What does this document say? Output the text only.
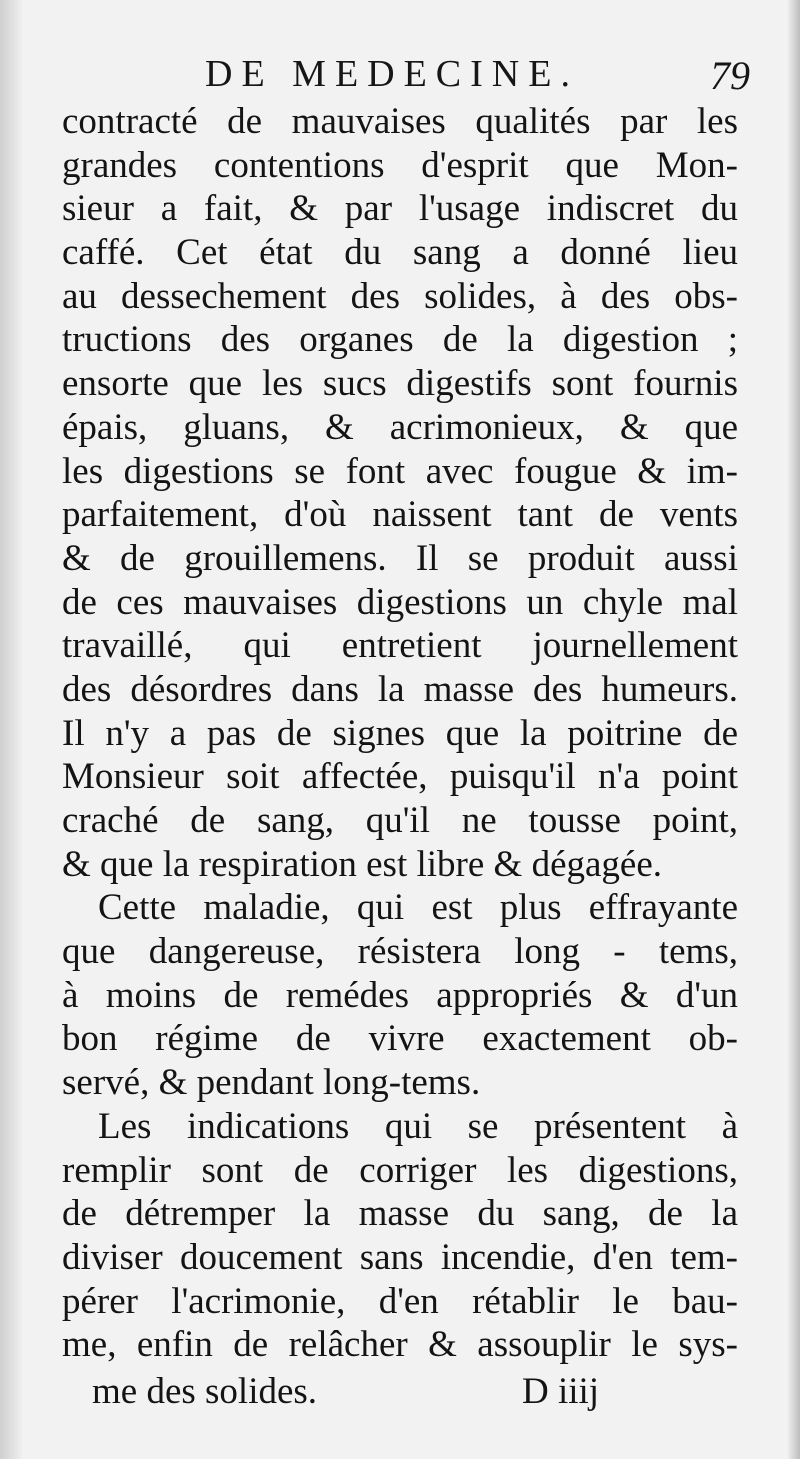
DE MEDECINE.	79
contracté de mauvaises qualités par les
grandes contentions d'esprit que Mon-
sieur a fait, & par l'usage indiscret du
caffé. Cet état du sang a donné lieu
au dessechement des solides, à des obs-
tructions des organes de la digestion ;
ensorte que les sucs digestifs sont fournis
épais, gluans, & acrimonieux, & que
les digestions se font avec fougue & im-
parfaitement, d'où naissent tant de vents
& de grouillemens. Il se produit aussi
de ces mauvaises digestions un chyle mal
travaillé, qui entretient journellement
des désordres dans la masse des humeurs.
Il n'y a pas de signes que la poitrine de
Monsieur soit affectée, puisqu'il n'a point
craché de sang, qu'il ne tousse point,
& que la respiration est libre & dégagée.
Cette maladie, qui est plus effrayante
que dangereuse, résistera long - tems,
à moins de remédes appropriés & d'un
bon régime de vivre exactement ob-
servé, & pendant long-tems.
Les indications qui se présentent à
remplir sont de corriger les digestions,
de détremper la masse du sang, de la
diviser doucement sans incendie, d'en tem-
pérer l'acrimonie, d'en rétablir le bau-
me, enfin de relâcher & assouplir le sys-
me des solides.	D iiij
